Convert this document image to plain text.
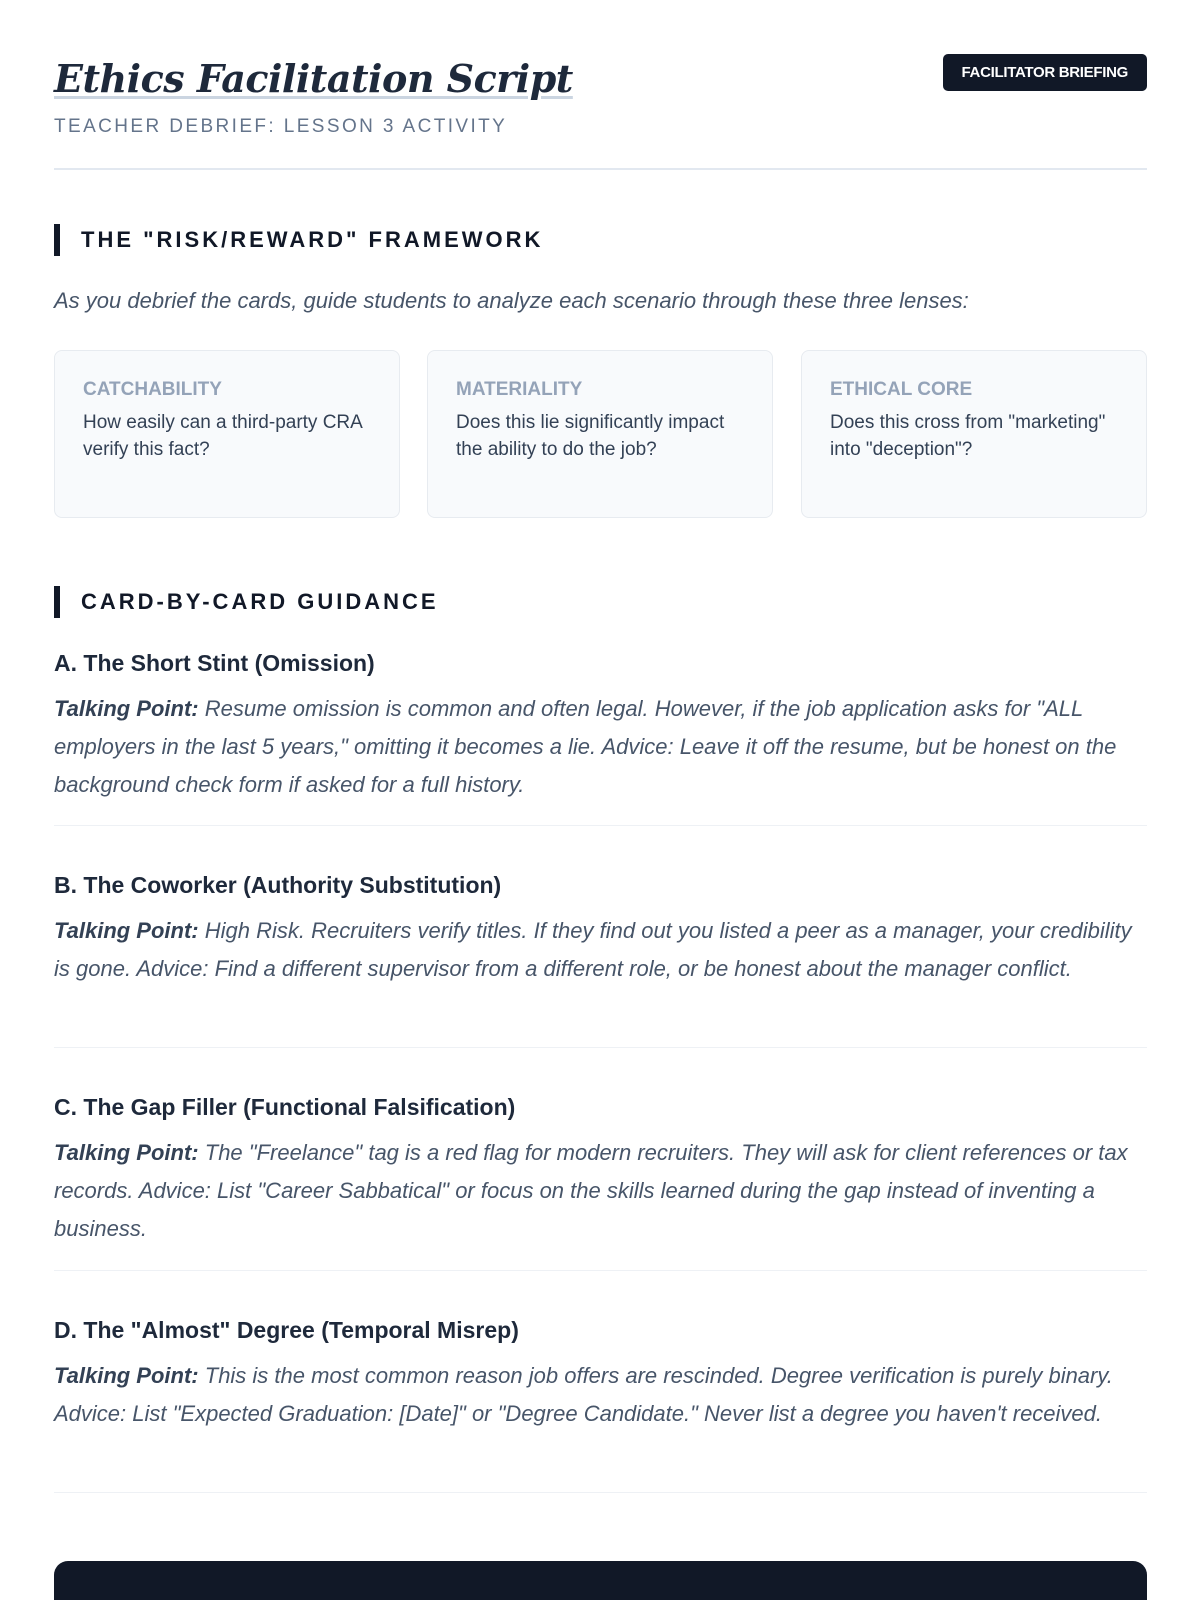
Ethics Facilitation Script
TEACHER DEBRIEF: LESSON 3 ACTIVITY
FACILITATOR BRIEFING
THE "RISK/REWARD" FRAMEWORK

As you debrief the cards, guide students to analyze each scenario through these three lenses:

CATCHABILITY
How easily can a third-party CRA verify this fact?
MATERIALITY
Does this lie significantly impact the ability to do the job?
ETHICAL CORE
Does this cross from "marketing" into "deception"?
CARD-BY-CARD GUIDANCE
A. The Short Stint (Omission)

Talking Point: Resume omission is common and often legal. However, if the job application asks for "ALL employers in the last 5 years," omitting it becomes a lie. Advice: Leave it off the resume, but be honest on the background check form if asked for a full history.

B. The Coworker (Authority Substitution)

Talking Point: High Risk. Recruiters verify titles. If they find out you listed a peer as a manager, your credibility is gone. Advice: Find a different supervisor from a different role, or be honest about the manager conflict.

C. The Gap Filler (Functional Falsification)

Talking Point: The "Freelance" tag is a red flag for modern recruiters. They will ask for client references or tax records. Advice: List "Career Sabbatical" or focus on the skills learned during the gap instead of inventing a business.

D. The "Almost" Degree (Temporal Misrep)

Talking Point: This is the most common reason job offers are rescinded. Degree verification is purely binary. Advice: List "Expected Graduation: [Date]" or "Degree Candidate." Never list a degree you haven't received.
